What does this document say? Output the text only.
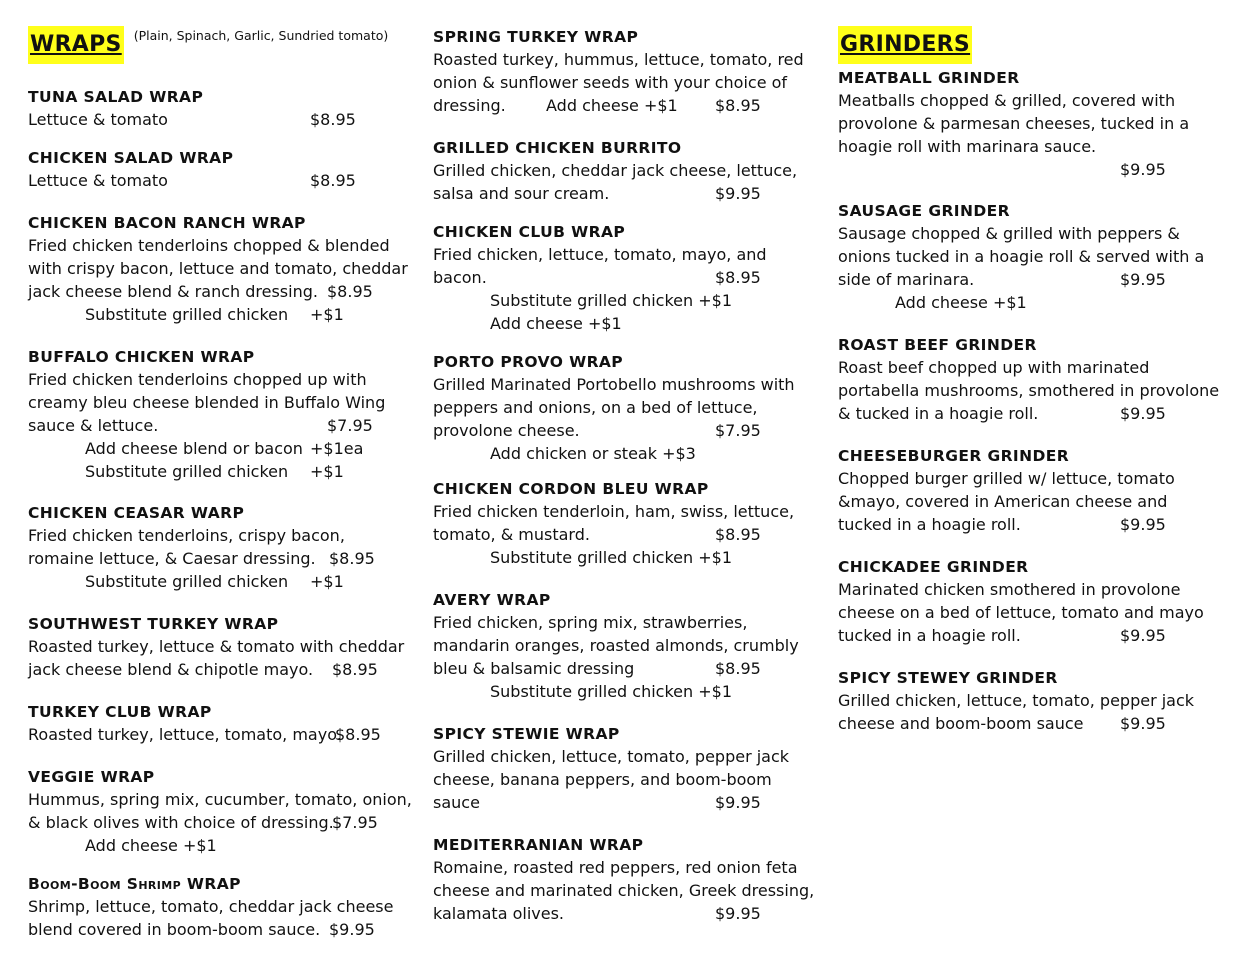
WRAPS $^{(Plain, Spinach, Garlic, Sundried tomato)}$
TUNA SALAD WRAP
Lettuce & tomato	$8.95
CHICKEN SALAD WRAP
Lettuce & tomato	$8.95
CHICKEN BACON RANCH WRAP
Fried chicken tenderloins chopped & blended
with crispy bacon, lettuce and tomato, cheddar
jack cheese blend & ranch dressing. $8.95
Substitute grilled chicken +$1
BUFFALO CHICKEN WRAP
Fried chicken tenderloins chopped up with
creamy bleu cheese blended in Buffalo Wing
sauce & lettuce.	$7.95
Add cheese blend or bacon +$1ea
Substitute grilled chicken +$1
CHICKEN CEASAR WARP
Fried chicken tenderloins, crispy bacon,
romaine lettuce, & Caesar dressing. $8.95
Substitute grilled chicken +$1
SOUTHWEST TURKEY WRAP
Roasted turkey, lettuce & tomato with cheddar
jack cheese blend & chipotle mayo. $8.95
TURKEY CLUB WRAP
Roasted turkey, lettuce, tomato, mayo.
$8.95
VEGGIE WRAP
Hummus, spring mix, cucumber, tomato, onion,
& black olives with choice of dressing.
$7.95
Add cheese +$1
Boom-Boom Shrimp WRAP
Shrimp, lettuce, tomato, cheddar jack cheese
blend covered in boom-boom sauce. $9.95
SPRING TURKEY WRAP
Roasted turkey, hummus, lettuce, tomato, red
onion & sunflower seeds with your choice of
dressing.	Add cheese +$1 $8.95
GRILLED CHICKEN BURRITO
Grilled chicken, cheddar jack cheese, lettuce,
salsa and sour cream.	$9.95
CHICKEN CLUB WRAP
Fried chicken, lettuce, tomato, mayo, and
bacon.	$8.95
Substitute grilled chicken +$1
Add cheese +$1
PORTO PROVO WRAP
Grilled Marinated Portobello mushrooms with
peppers and onions, on a bed of lettuce,
provolone cheese.	$7.95
Add chicken or steak +$3
CHICKEN CORDON BLEU WRAP
Fried chicken tenderloin, ham, swiss, lettuce,
tomato, & mustard.	$8.95
Substitute grilled chicken +$1
AVERY WRAP
Fried chicken, spring mix, strawberries,
mandarin oranges, roasted almonds, crumbly
bleu & balsamic dressing	$8.95
Substitute grilled chicken +$1
SPICY STEWIE WRAP
Grilled chicken, lettuce, tomato, pepper jack
cheese, banana peppers, and boom-boom
sauce	$9.95
MEDITERRANIAN WRAP
Romaine, roasted red peppers, red onion feta
cheese and marinated chicken, Greek dressing,
kalamata olives.	$9.95
GRINDERS
MEATBALL GRINDER
Meatballs chopped & grilled, covered with
provolone & parmesan cheeses, tucked in a
hoagie roll with marinara sauce.
$9.95
SAUSAGE GRINDER
Sausage chopped & grilled with peppers &
onions tucked in a hoagie roll & served with a
side of marinara.	$9.95
Add cheese +$1
ROAST BEEF GRINDER
Roast beef chopped up with marinated
portabella mushrooms, smothered in provolone
& tucked in a hoagie roll.	$9.95
CHEESEBURGER GRINDER
Chopped burger grilled w/ lettuce, tomato
&mayo, covered in American cheese and
tucked in a hoagie roll.	$9.95
CHICKADEE GRINDER
Marinated chicken smothered in provolone
cheese on a bed of lettuce, tomato and mayo
tucked in a hoagie roll.	$9.95
SPICY STEWEY GRINDER
Grilled chicken, lettuce, tomato, pepper jack
cheese and boom-boom sauce $9.95
